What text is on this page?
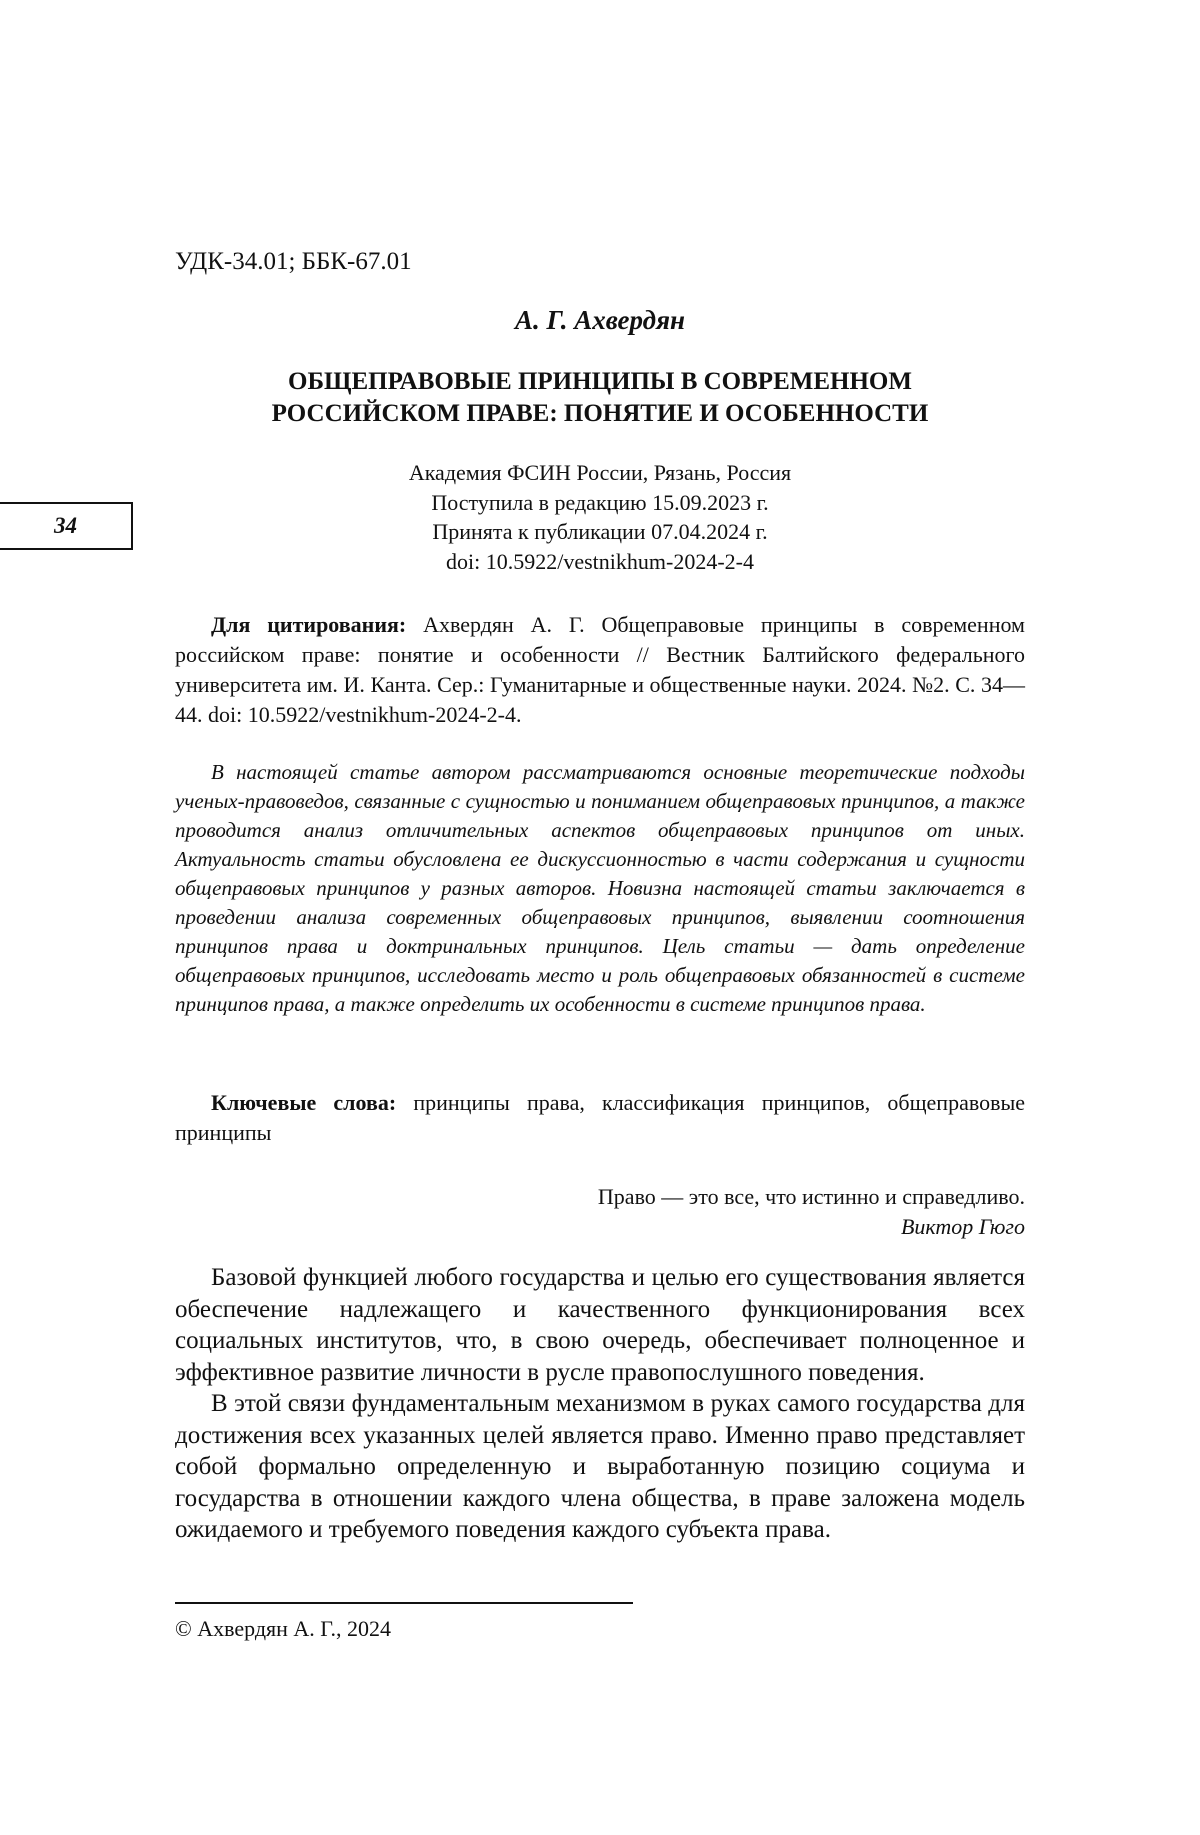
УДК-34.01; ББК-67.01
А. Г. Ахвердян
ОБЩЕПРАВОВЫЕ ПРИНЦИПЫ В СОВРЕМЕННОМ
РОССИЙСКОМ ПРАВЕ: ПОНЯТИЕ И ОСОБЕННОСТИ
Академия ФСИН России, Рязань, Россия
Поступила в редакцию 15.09.2023 г.
Принята к публикации 07.04.2024 г.
doi: 10.5922/vestnikhum-2024-2-4
34
Для цитирования: Ахвердян А. Г. Общеправовые принципы в современном российском праве: понятие и особенности // Вестник Балтийского федерального университета им. И. Канта. Сер.: Гуманитарные и общественные науки. 2024. №2. С. 34—44. doi: 10.5922/vestnikhum-2024-2-4.
В настоящей статье автором рассматриваются основные теоретические подходы ученых-правоведов, связанные с сущностью и пониманием общеправовых принципов, а также проводится анализ отличительных аспектов общеправовых принципов от иных. Актуальность статьи обусловлена ее дискуссионностью в части содержания и сущности общеправовых принципов у разных авторов. Новизна настоящей статьи заключается в проведении анализа современных общеправовых принципов, выявлении соотношения принципов права и доктринальных принципов. Цель статьи — дать определение общеправовых принципов, исследовать место и роль общеправовых обязанностей в системе принципов права, а также определить их особенности в системе принципов права.
Ключевые слова: принципы права, классификация принципов, общеправовые принципы
Право — это все, что истинно и справедливо.
Виктор Гюго

Базовой функцией любого государства и целью его существования является обеспечение надлежащего и качественного функционирования всех социальных институтов, что, в свою очередь, обеспечивает полноценное и эффективное развитие личности в русле правопослушного поведения.

В этой связи фундаментальным механизмом в руках самого государства для достижения всех указанных целей является право. Именно право представляет собой формально определенную и выработанную позицию социума и государства в отношении каждого члена общества, в праве заложена модель ожидаемого и требуемого поведения каждого субъекта права.

© Ахвердян А. Г., 2024
